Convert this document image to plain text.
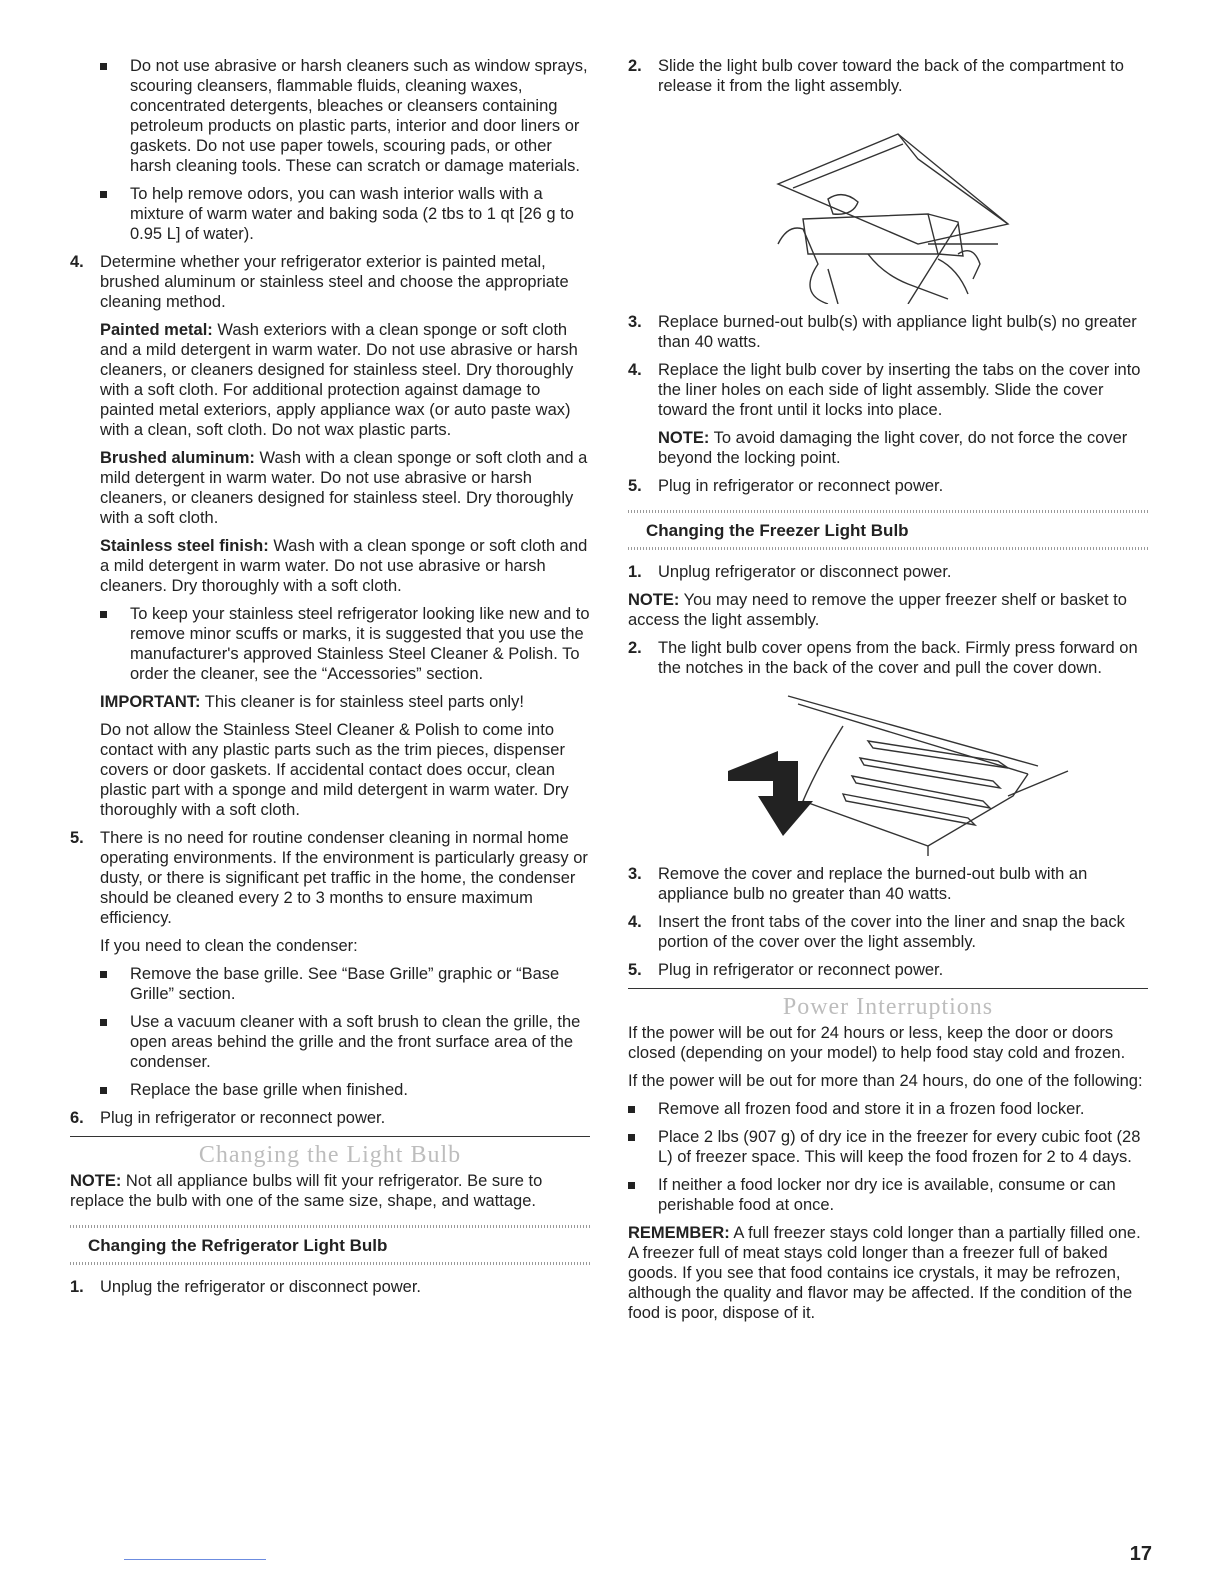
Do not use abrasive or harsh cleaners such as window sprays, scouring cleansers, flammable fluids, cleaning waxes, concentrated detergents, bleaches or cleansers containing petroleum products on plastic parts, interior and door liners or gaskets. Do not use paper towels, scouring pads, or other harsh cleaning tools. These can scratch or damage materials.
To help remove odors, you can wash interior walls with a mixture of warm water and baking soda (2 tbs to 1 qt [26 g to 0.95 L] of water).
4. Determine whether your refrigerator exterior is painted metal, brushed aluminum or stainless steel and choose the appropriate cleaning method.

Painted metal: Wash exteriors with a clean sponge or soft cloth and a mild detergent in warm water. Do not use abrasive or harsh cleaners, or cleaners designed for stainless steel. Dry thoroughly with a soft cloth. For additional protection against damage to painted metal exteriors, apply appliance wax (or auto paste wax) with a clean, soft cloth. Do not wax plastic parts.

Brushed aluminum: Wash with a clean sponge or soft cloth and a mild detergent in warm water. Do not use abrasive or harsh cleaners, or cleaners designed for stainless steel. Dry thoroughly with a soft cloth.

Stainless steel finish: Wash with a clean sponge or soft cloth and a mild detergent in warm water. Do not use abrasive or harsh cleaners. Dry thoroughly with a soft cloth.

To keep your stainless steel refrigerator looking like new and to remove minor scuffs or marks, it is suggested that you use the manufacturer's approved Stainless Steel Cleaner & Polish. To order the cleaner, see the “Accessories” section.

IMPORTANT: This cleaner is for stainless steel parts only!

Do not allow the Stainless Steel Cleaner & Polish to come into contact with any plastic parts such as the trim pieces, dispenser covers or door gaskets. If accidental contact does occur, clean plastic part with a sponge and mild detergent in warm water. Dry thoroughly with a soft cloth.

5. There is no need for routine condenser cleaning in normal home operating environments. If the environment is particularly greasy or dusty, or there is significant pet traffic in the home, the condenser should be cleaned every 2 to 3 months to ensure maximum efficiency.

If you need to clean the condenser:

Remove the base grille. See “Base Grille” graphic or “Base Grille” section.
Use a vacuum cleaner with a soft brush to clean the grille, the open areas behind the grille and the front surface area of the condenser.
Replace the base grille when finished.
6. Plug in refrigerator or reconnect power.
Changing the Light Bulb

NOTE: Not all appliance bulbs will fit your refrigerator. Be sure to replace the bulb with one of the same size, shape, and wattage.

Changing the Refrigerator Light Bulb
1. Unplug the refrigerator or disconnect power.
2. Slide the light bulb cover toward the back of the compartment to release it from the light assembly.
3. Replace burned-out bulb(s) with appliance light bulb(s) no greater than 40 watts.
4. Replace the light bulb cover by inserting the tabs on the cover into the liner holes on each side of light assembly. Slide the cover toward the front until it locks into place.

NOTE: To avoid damaging the light cover, do not force the cover beyond the locking point.

5. Plug in refrigerator or reconnect power.
Changing the Freezer Light Bulb
1. Unplug refrigerator or disconnect power.

NOTE: You may need to remove the upper freezer shelf or basket to access the light assembly.

2. The light bulb cover opens from the back. Firmly press forward on the notches in the back of the cover and pull the cover down.
3. Remove the cover and replace the burned-out bulb with an appliance bulb no greater than 40 watts.
4. Insert the front tabs of the cover into the liner and snap the back portion of the cover over the light assembly.
5. Plug in refrigerator or reconnect power.
Power Interruptions

If the power will be out for 24 hours or less, keep the door or doors closed (depending on your model) to help food stay cold and frozen.

If the power will be out for more than 24 hours, do one of the following:

Remove all frozen food and store it in a frozen food locker.
Place 2 lbs (907 g) of dry ice in the freezer for every cubic foot (28 L) of freezer space. This will keep the food frozen for 2 to 4 days.
If neither a food locker nor dry ice is available, consume or can perishable food at once.

REMEMBER: A full freezer stays cold longer than a partially filled one. A freezer full of meat stays cold longer than a freezer full of baked goods. If you see that food contains ice crystals, it may be refrozen, although the quality and flavor may be affected. If the condition of the food is poor, dispose of it.

17
